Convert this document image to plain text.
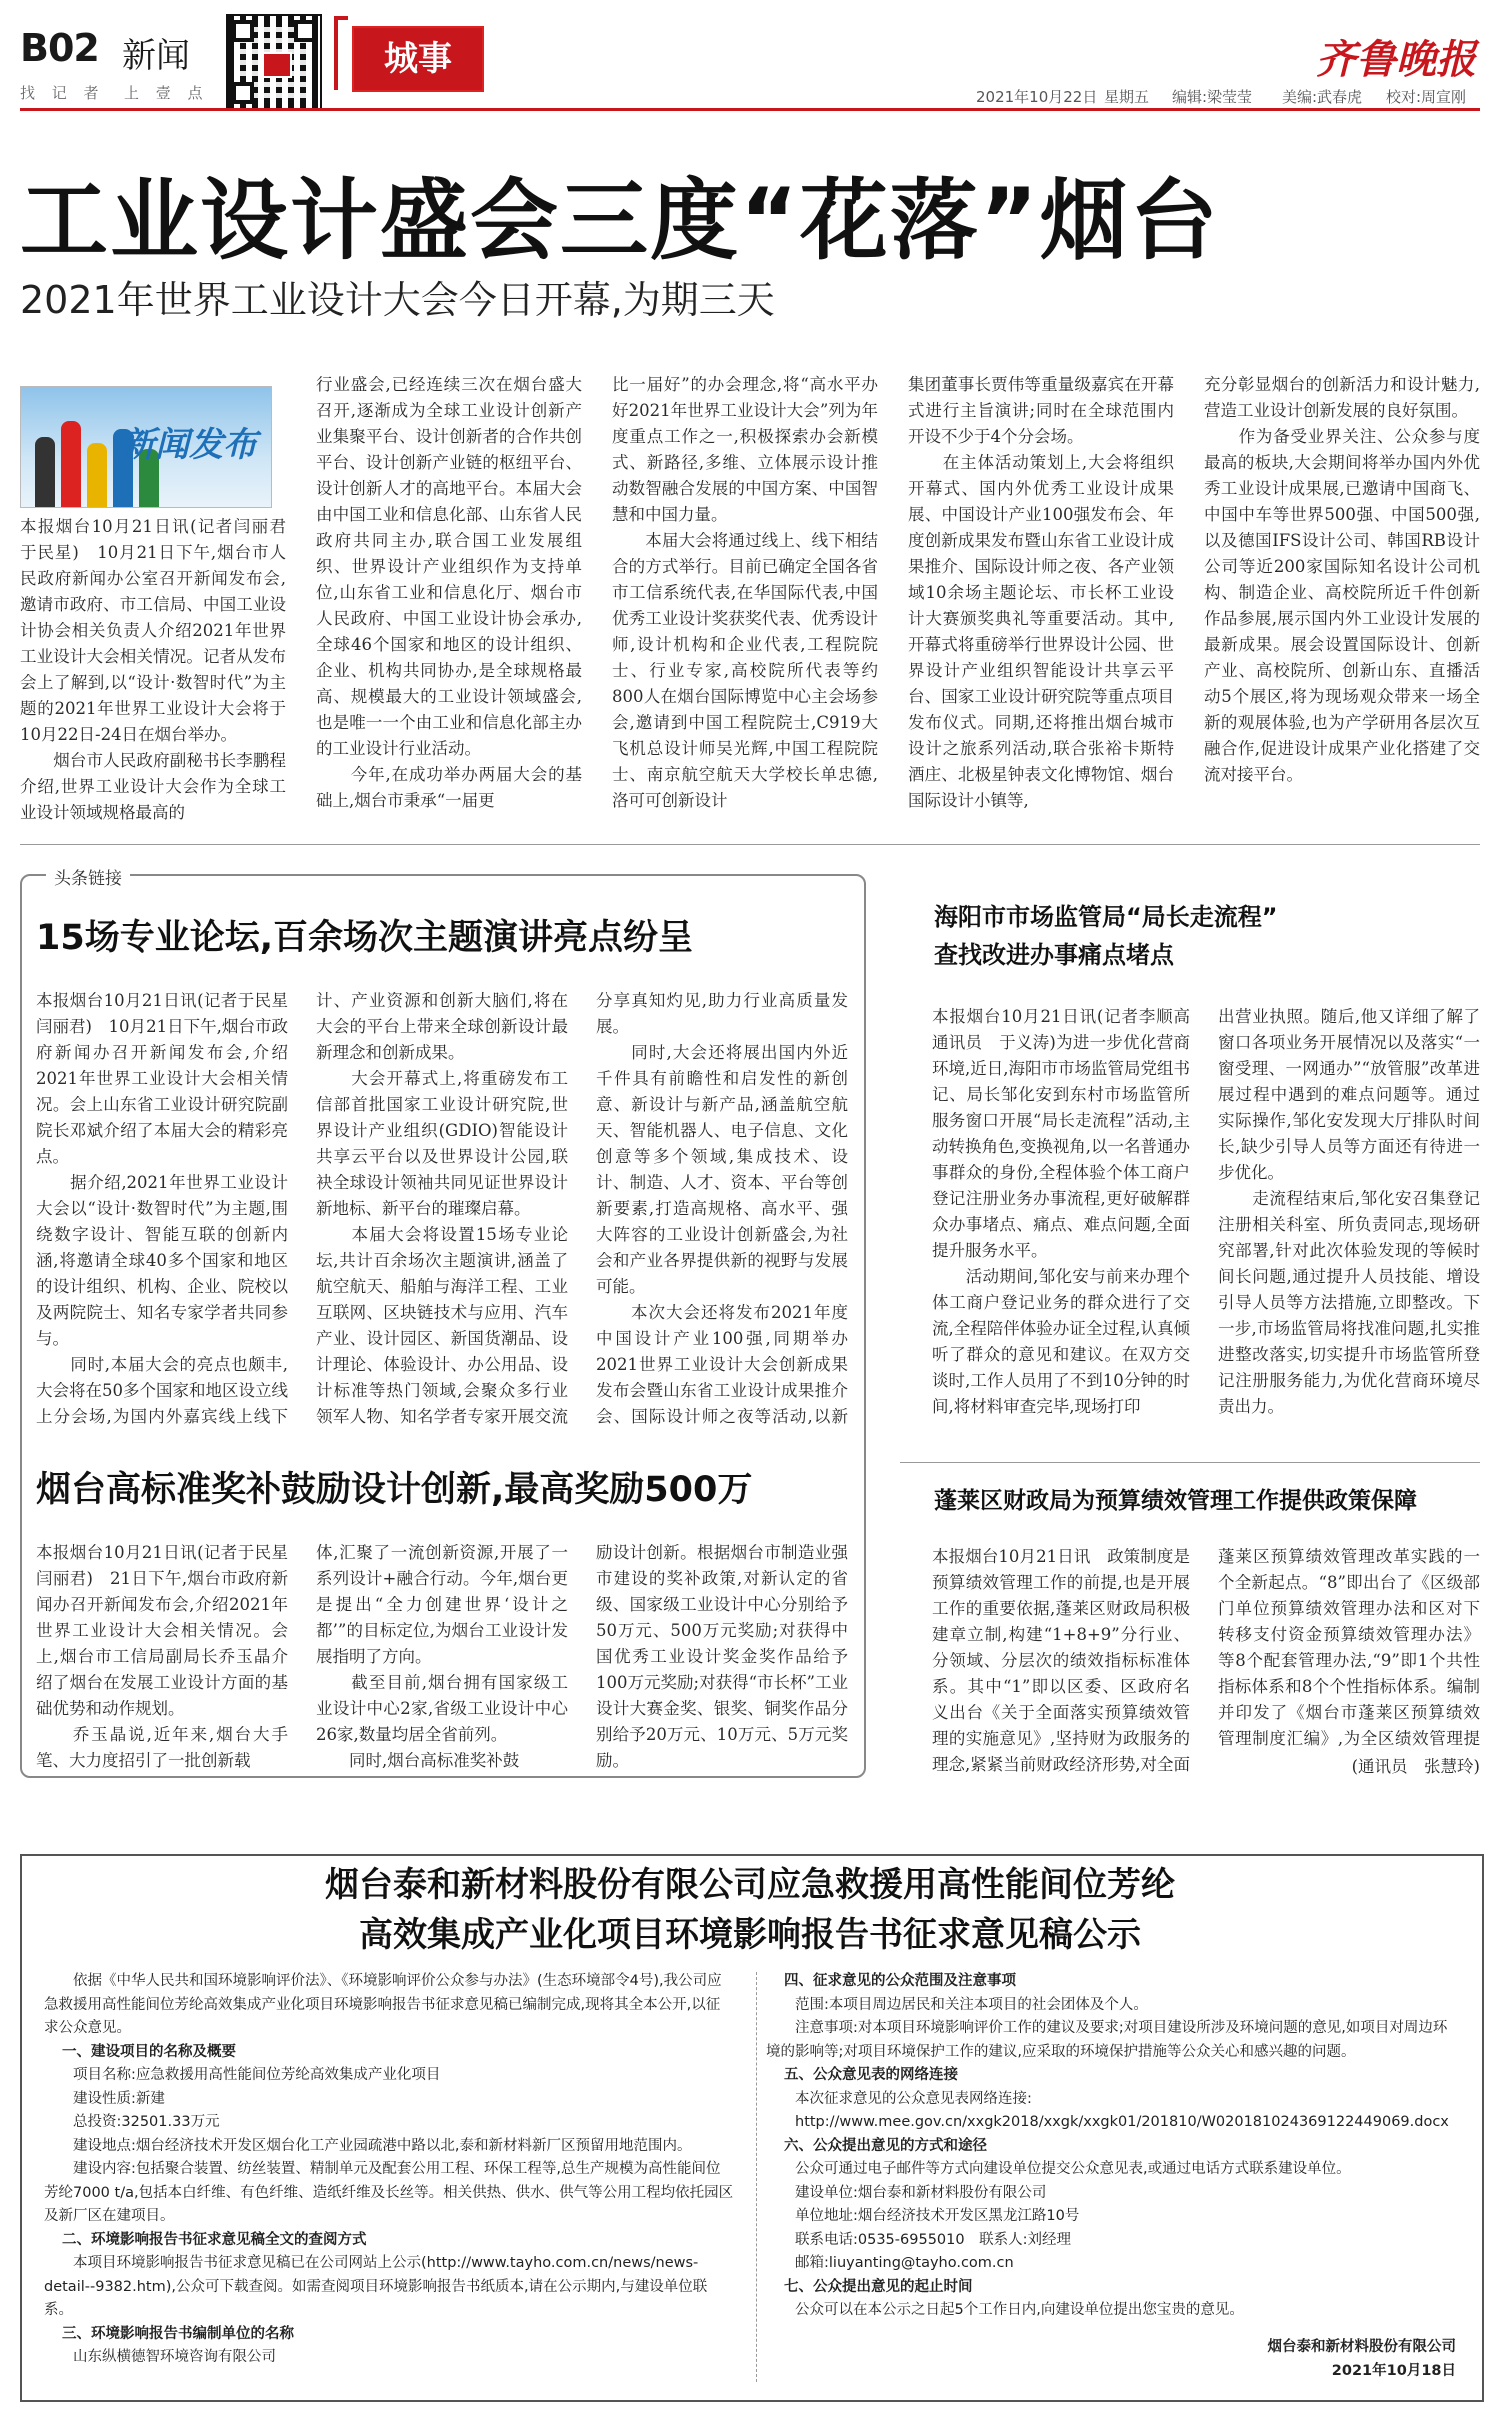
B02 新闻
找 记 者 上 壹 点
城事	齐鲁晚报
2021年10月22日 星期五 编辑:梁莹莹 美编:武春虎 校对:周宣刚
工业设计盛会三度“花落”烟台
2021年世界工业设计大会今日开幕,为期三天
新闻发布
本报烟台10月21日讯(记者闫丽君　于民星)　10月21日下午,烟台市人民政府新闻办公室召开新闻发布会,邀请市政府、市工信局、中国工业设计协会相关负责人介绍2021年世界工业设计大会相关情况。记者从发布会上了解到,以“设计·数智时代”为主题的2021年世界工业设计大会将于10月22日-24日在烟台举办。
　　烟台市人民政府副秘书长李鹏程介绍,世界工业设计大会作为全球工业设计领域规格最高的
行业盛会,已经连续三次在烟台盛大召开,逐渐成为全球工业设计创新产业集聚平台、设计创新者的合作共创平台、设计创新产业链的枢纽平台、设计创新人才的高地平台。本届大会由中国工业和信息化部、山东省人民政府共同主办,联合国工业发展组织、世界设计产业组织作为支持单位,山东省工业和信息化厅、烟台市人民政府、中国工业设计协会承办,全球46个国家和地区的设计组织、企业、机构共同协办,是全球规格最高、规模最大的工业设计领域盛会,也是唯一一个由工业和信息化部主办的工业设计行业活动。
　　今年,在成功举办两届大会的基础上,烟台市秉承“一届更
比一届好”的办会理念,将“高水平办好2021年世界工业设计大会”列为年度重点工作之一,积极探索办会新模式、新路径,多维、立体展示设计推动数智融合发展的中国方案、中国智慧和中国力量。
　　本届大会将通过线上、线下相结合的方式举行。目前已确定全国各省市工信系统代表,在华国际代表,中国优秀工业设计奖获奖代表、优秀设计师,设计机构和企业代表,工程院院士、行业专家,高校院所代表等约800人在烟台国际博览中心主会场参会,邀请到中国工程院院士,C919大飞机总设计师吴光辉,中国工程院院士、南京航空航天大学校长单忠德,洛可可创新设计
集团董事长贾伟等重量级嘉宾在开幕式进行主旨演讲;同时在全球范围内开设不少于4个分会场。
　　在主体活动策划上,大会将组织开幕式、国内外优秀工业设计成果展、中国设计产业100强发布会、年度创新成果发布暨山东省工业设计成果推介、国际设计师之夜、各产业领域10余场主题论坛、市长杯工业设计大赛颁奖典礼等重要活动。其中,开幕式将重磅举行世界设计公园、世界设计产业组织智能设计共享云平台、国家工业设计研究院等重点项目发布仪式。同期,还将推出烟台城市设计之旅系列活动,联合张裕卡斯特酒庄、北极星钟表文化博物馆、烟台国际设计小镇等,
充分彰显烟台的创新活力和设计魅力,营造工业设计创新发展的良好氛围。
　　作为备受业界关注、公众参与度最高的板块,大会期间将举办国内外优秀工业设计成果展,已邀请中国商飞、中国中车等世界500强、中国500强,以及德国IFS设计公司、韩国RB设计公司等近200家国际知名设计公司机构、制造企业、高校院所近千件创新作品参展,展示国内外工业设计发展的最新成果。展会设置国际设计、创新产业、高校院所、创新山东、直播活动5个展区,将为现场观众带来一场全新的观展体验,也为产学研用各层次互融合作,促进设计成果产业化搭建了交流对接平台。
头条链接
15场专业论坛,百余场次主题演讲亮点纷呈
本报烟台10月21日讯(记者于民星　闫丽君)　10月21日下午,烟台市政府新闻办召开新闻发布会,介绍2021年世界工业设计大会相关情况。会上山东省工业设计研究院副院长邓斌介绍了本届大会的精彩亮点。
　　据介绍,2021年世界工业设计大会以“设计·数智时代”为主题,围绕数字设计、智能互联的创新内涵,将邀请全球40多个国家和地区的设计组织、机构、企业、院校以及两院院士、知名专家学者共同参与。
　　同时,本届大会的亮点也颇丰,大会将在50多个国家和地区设立线上分会场,为国内外嘉宾线上线下
计、产业资源和创新大脑们,将在大会的平台上带来全球创新设计最新理念和创新成果。
　　大会开幕式上,将重磅发布工信部首批国家工业设计研究院,世界设计产业组织(GDIO)智能设计共享云平台以及世界设计公园,联袂全球设计领袖共同见证世界设计新地标、新平台的璀璨启幕。
　　本届大会将设置15场专业论坛,共计百余场次主题演讲,涵盖了航空航天、船舶与海洋工程、工业互联网、区块链技术与应用、汽车产业、设计园区、新国货潮品、设计理论、体验设计、办公用品、设计标准等热门领域,会聚众多行业领军人物、知名学者专家开展交流
分享真知灼见,助力行业高质量发展。
　　同时,大会还将展出国内外近千件具有前瞻性和启发性的新创意、新设计与新产品,涵盖航空航天、智能机器人、电子信息、文化创意等多个领域,集成技术、设计、制造、人才、资本、平台等创新要素,打造高规格、高水平、强大阵容的工业设计创新盛会,为社会和产业各界提供新的视野与发展可能。
　　本次大会还将发布2021年度中国设计产业100强,同期举办2021世界工业设计大会创新成果发布会暨山东省工业设计成果推介会、国际设计师之夜等活动,以新
烟台高标准奖补鼓励设计创新,最高奖励500万
本报烟台10月21日讯(记者于民星　闫丽君)　21日下午,烟台市政府新闻办召开新闻发布会,介绍2021年世界工业设计大会相关情况。会上,烟台市工信局副局长乔玉晶介绍了烟台在发展工业设计方面的基础优势和动作规划。
　　乔玉晶说,近年来,烟台大手笔、大力度招引了一批创新载
体,汇聚了一流创新资源,开展了一系列设计+融合行动。今年,烟台更是提出“全力创建世界‘设计之都’”的目标定位,为烟台工业设计发展指明了方向。
　　截至目前,烟台拥有国家级工业设计中心2家,省级工业设计中心26家,数量均居全省前列。
　　同时,烟台高标准奖补鼓
励设计创新。根据烟台市制造业强市建设的奖补政策,对新认定的省级、国家级工业设计中心分别给予50万元、500万元奖励;对获得中国优秀工业设计奖金奖作品给予100万元奖励;对获得“市长杯”工业设计大赛金奖、银奖、铜奖作品分别给予20万元、10万元、5万元奖励。
海阳市市场监管局“局长走流程”
查找改进办事痛点堵点
本报烟台10月21日讯(记者李顺高　通讯员　于义涛)为进一步优化营商环境,近日,海阳市市场监管局党组书记、局长邹化安到东村市场监管所服务窗口开展“局长走流程”活动,主动转换角色,变换视角,以一名普通办事群众的身份,全程体验个体工商户登记注册业务办事流程,更好破解群众办事堵点、痛点、难点问题,全面提升服务水平。
　　活动期间,邹化安与前来办理个体工商户登记业务的群众进行了交流,全程陪伴体验办证全过程,认真倾听了群众的意见和建议。在双方交谈时,工作人员用了不到10分钟的时间,将材料审查完毕,现场打印
出营业执照。随后,他又详细了解了窗口各项业务开展情况以及落实“一窗受理、一网通办”“放管服”改革进展过程中遇到的难点问题等。通过实际操作,邹化安发现大厅排队时间长,缺少引导人员等方面还有待进一步优化。
　　走流程结束后,邹化安召集登记注册相关科室、所负责同志,现场研究部署,针对此次体验发现的等候时间长问题,通过提升人员技能、增设引导人员等方法措施,立即整改。下一步,市场监管局将找准问题,扎实推进整改落实,切实提升市场监管所登记注册服务能力,为优化营商环境尽责出力。
蓬莱区财政局为预算绩效管理工作提供政策保障
本报烟台10月21日讯　政策制度是预算绩效管理工作的前提,也是开展工作的重要依据,蓬莱区财政局积极建章立制,构建“1+8+9”分行业、分领域、分层次的绩效指标标准体系。其中“1”即以区委、区政府名义出台《关于全面落实预算绩效管理的实施意见》,坚持财为政服务的理念,紧紧当前财政经济形势,对全面
蓬莱区预算绩效管理改革实践的一个全新起点。“8”即出台了《区级部门单位预算绩效管理办法和区对下转移支付资金预算绩效管理办法》等8个配套管理办法,“9”即1个共性指标体系和8个个性指标体系。编制并印发了《烟台市蓬莱区预算绩效管理制度汇编》,为全区绩效管理提
(通讯员　张慧玲)
烟台泰和新材料股份有限公司应急救援用高性能间位芳纶
高效集成产业化项目环境影响报告书征求意见稿公示
　　依据《中华人民共和国环境影响评价法》、《环境影响评价公众参与办法》(生态环境部令4号),我公司应急救援用高性能间位芳纶高效集成产业化项目环境影响报告书征求意见稿已编制完成,现将其全本公开,以征求公众意见。
一、建设项目的名称及概要
　　项目名称:应急救援用高性能间位芳纶高效集成产业化项目
　　建设性质:新建
　　总投资:32501.33万元
　　建设地点:烟台经济技术开发区烟台化工产业园疏港中路以北,泰和新材料新厂区预留用地范围内。
　　建设内容:包括聚合装置、纺丝装置、精制单元及配套公用工程、环保工程等,总生产规模为高性能间位芳纶7000 t/a,包括本白纤维、有色纤维、造纸纤维及长丝等。相关供热、供水、供气等公用工程均依托园区及新厂区在建项目。
二、环境影响报告书征求意见稿全文的查阅方式
　　本项目环境影响报告书征求意见稿已在公司网站上公示(http://www.tayho.com.cn/news/news-detail--9382.htm),公众可下载查阅。如需查阅项目环境影响报告书纸质本,请在公示期内,与建设单位联系。
三、环境影响报告书编制单位的名称
　　山东纵横德智环境咨询有限公司
四、征求意见的公众范围及注意事项
　　范围:本项目周边居民和关注本项目的社会团体及个人。
　　注意事项:对本项目环境影响评价工作的建议及要求;对项目建设所涉及环境问题的意见,如项目对周边环境的影响等;对项目环境保护工作的建议,应采取的环境保护措施等公众关心和感兴趣的问题。
五、公众意见表的网络连接
　　本次征求意见的公众意见表网络连接:
　　http://www.mee.gov.cn/xxgk2018/xxgk/xxgk01/201810/W020181024369122449069.docx
六、公众提出意见的方式和途径
　　公众可通过电子邮件等方式向建设单位提交公众意见表,或通过电话方式联系建设单位。
　　建设单位:烟台泰和新材料股份有限公司
　　单位地址:烟台经济技术开发区黑龙江路10号
　　联系电话:0535-6955010　联系人:刘经理
　　邮箱:liuyanting@tayho.com.cn
七、公众提出意见的起止时间
　　公众可以在本公示之日起5个工作日内,向建设单位提出您宝贵的意见。
烟台泰和新材料股份有限公司
2021年10月18日
